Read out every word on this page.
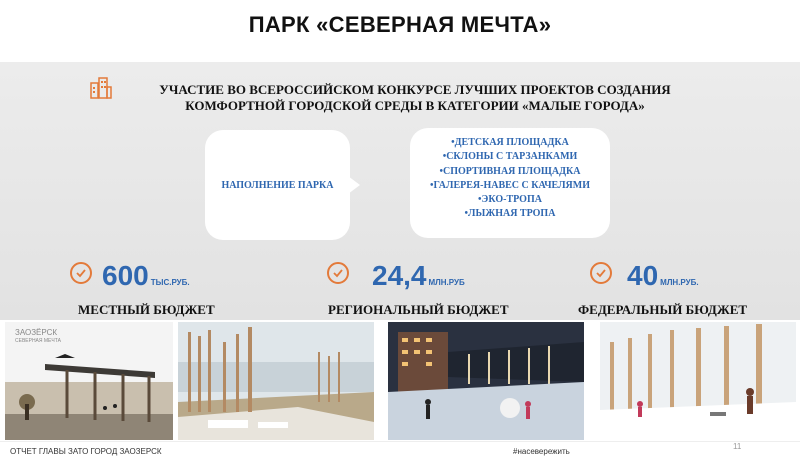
ПАРК «СЕВЕРНАЯ МЕЧТА»
УЧАСТИЕ ВО ВСЕРОССИЙСКОМ КОНКУРСЕ ЛУЧШИХ ПРОЕКТОВ СОЗДАНИЯ
КОМФОРТНОЙ ГОРОДСКОЙ СРЕДЫ В КАТЕГОРИИ «МАЛЫЕ ГОРОДА»
НАПОЛНЕНИЕ ПАРКА
•ДЕТСКАЯ ПЛОЩАДКА
•СКЛОНЫ С ТАРЗАНКАМИ
•СПОРТИВНАЯ ПЛОЩАДКА
•ГАЛЕРЕЯ-НАВЕС С КАЧЕЛЯМИ
•ЭКО-ТРОПА
•ЛЫЖНАЯ ТРОПА
600 ТЫС.РУБ.
МЕСТНЫЙ БЮДЖЕТ
24,4 МЛН.РУБ
РЕГИОНАЛЬНЫЙ БЮДЖЕТ
40 МЛН.РУБ.
ФЕДЕРАЛЬНЫЙ БЮДЖЕТ
ЗАОЗЁРСК
СЕВЕРНАЯ МЕЧТА
ОТЧЕТ ГЛАВЫ ЗАТО ГОРОД ЗАОЗЕРСК	#насевережить
11
